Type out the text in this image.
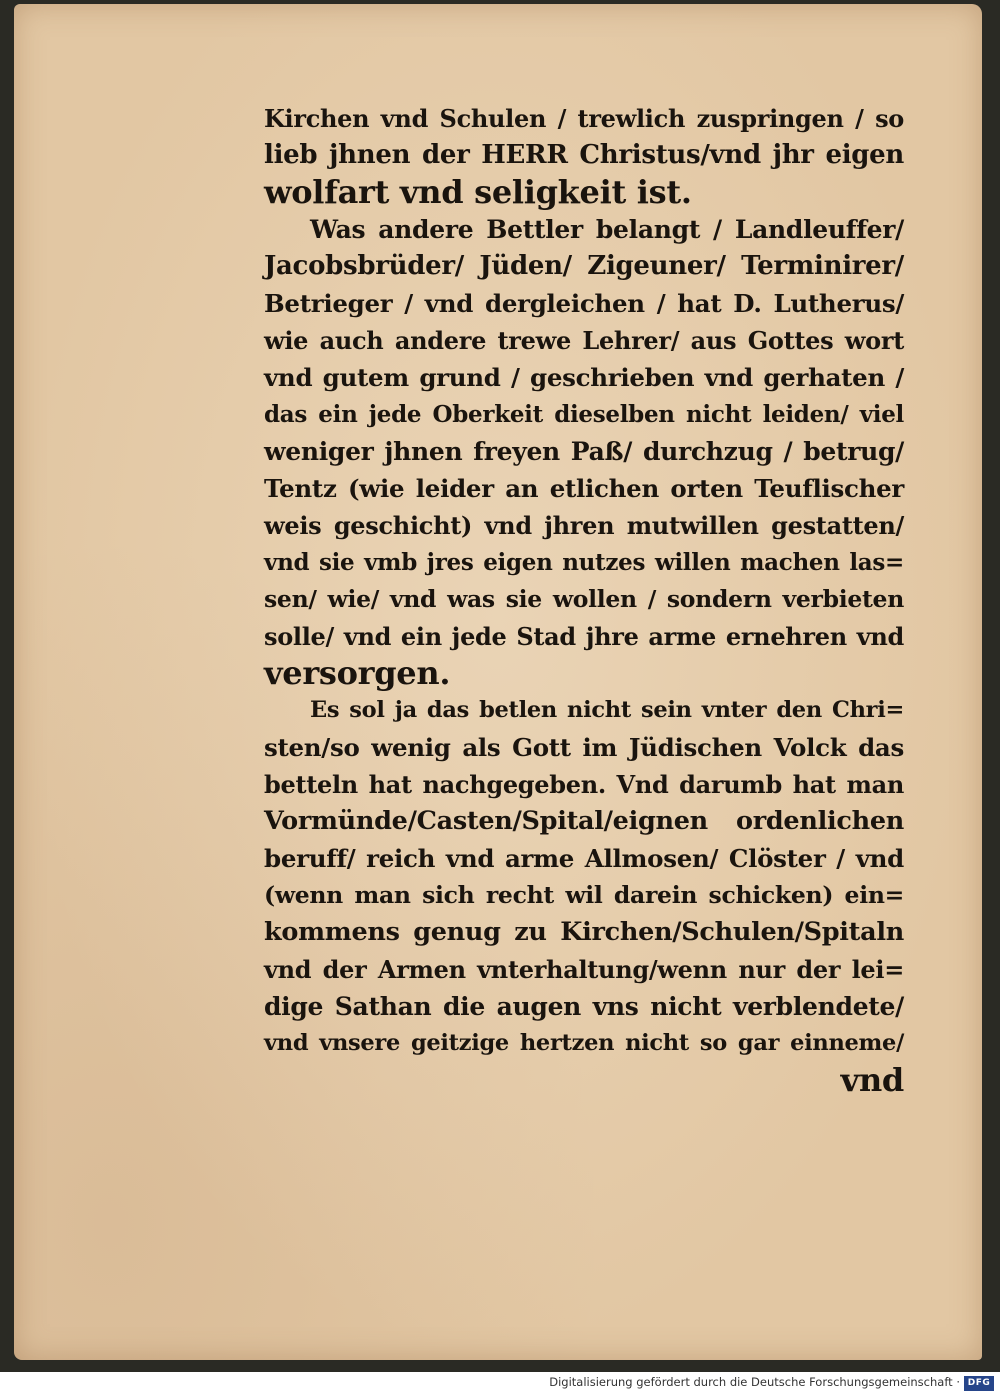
Kirchen vnd Schulen / trewlich zuspringen / so
lieb jhnen der HERR Christus/vnd jhr eigen
wolfart vnd seligkeit ist.
Was andere Bettler belangt / Landleuffer/
Jacobsbrüder/ Jüden/ Zigeuner/ Terminirer/
Betrieger / vnd dergleichen / hat D. Lutherus/
wie auch andere trewe Lehrer/ aus Gottes wort
vnd gutem grund / geschrieben vnd gerhaten /
das ein jede Oberkeit dieselben nicht leiden/ viel
weniger jhnen freyen Paß/ durchzug / betrug/
Tentz (wie leider an etlichen orten Teuflischer
weis geschicht) vnd jhren mutwillen gestatten/
vnd sie vmb jres eigen nutzes willen machen las=
sen/ wie/ vnd was sie wollen / sondern verbieten
solle/ vnd ein jede Stad jhre arme ernehren vnd
versorgen.
Es sol ja das betlen nicht sein vnter den Chri=
sten/so wenig als Gott im Jüdischen Volck das
betteln hat nachgegeben. Vnd darumb hat man
Vormünde/Casten/Spital/eignen ordenlichen
beruff/ reich vnd arme Allmosen/ Clöster / vnd
(wenn man sich recht wil darein schicken) ein=
kommens genug zu Kirchen/Schulen/Spitaln
vnd der Armen vnterhaltung/wenn nur der lei=
dige Sathan die augen vns nicht verblendete/
vnd vnsere geitzige hertzen nicht so gar einneme/
vnd
Digitalisierung gefördert durch die Deutsche Forschungsgemeinschaft · DFG
